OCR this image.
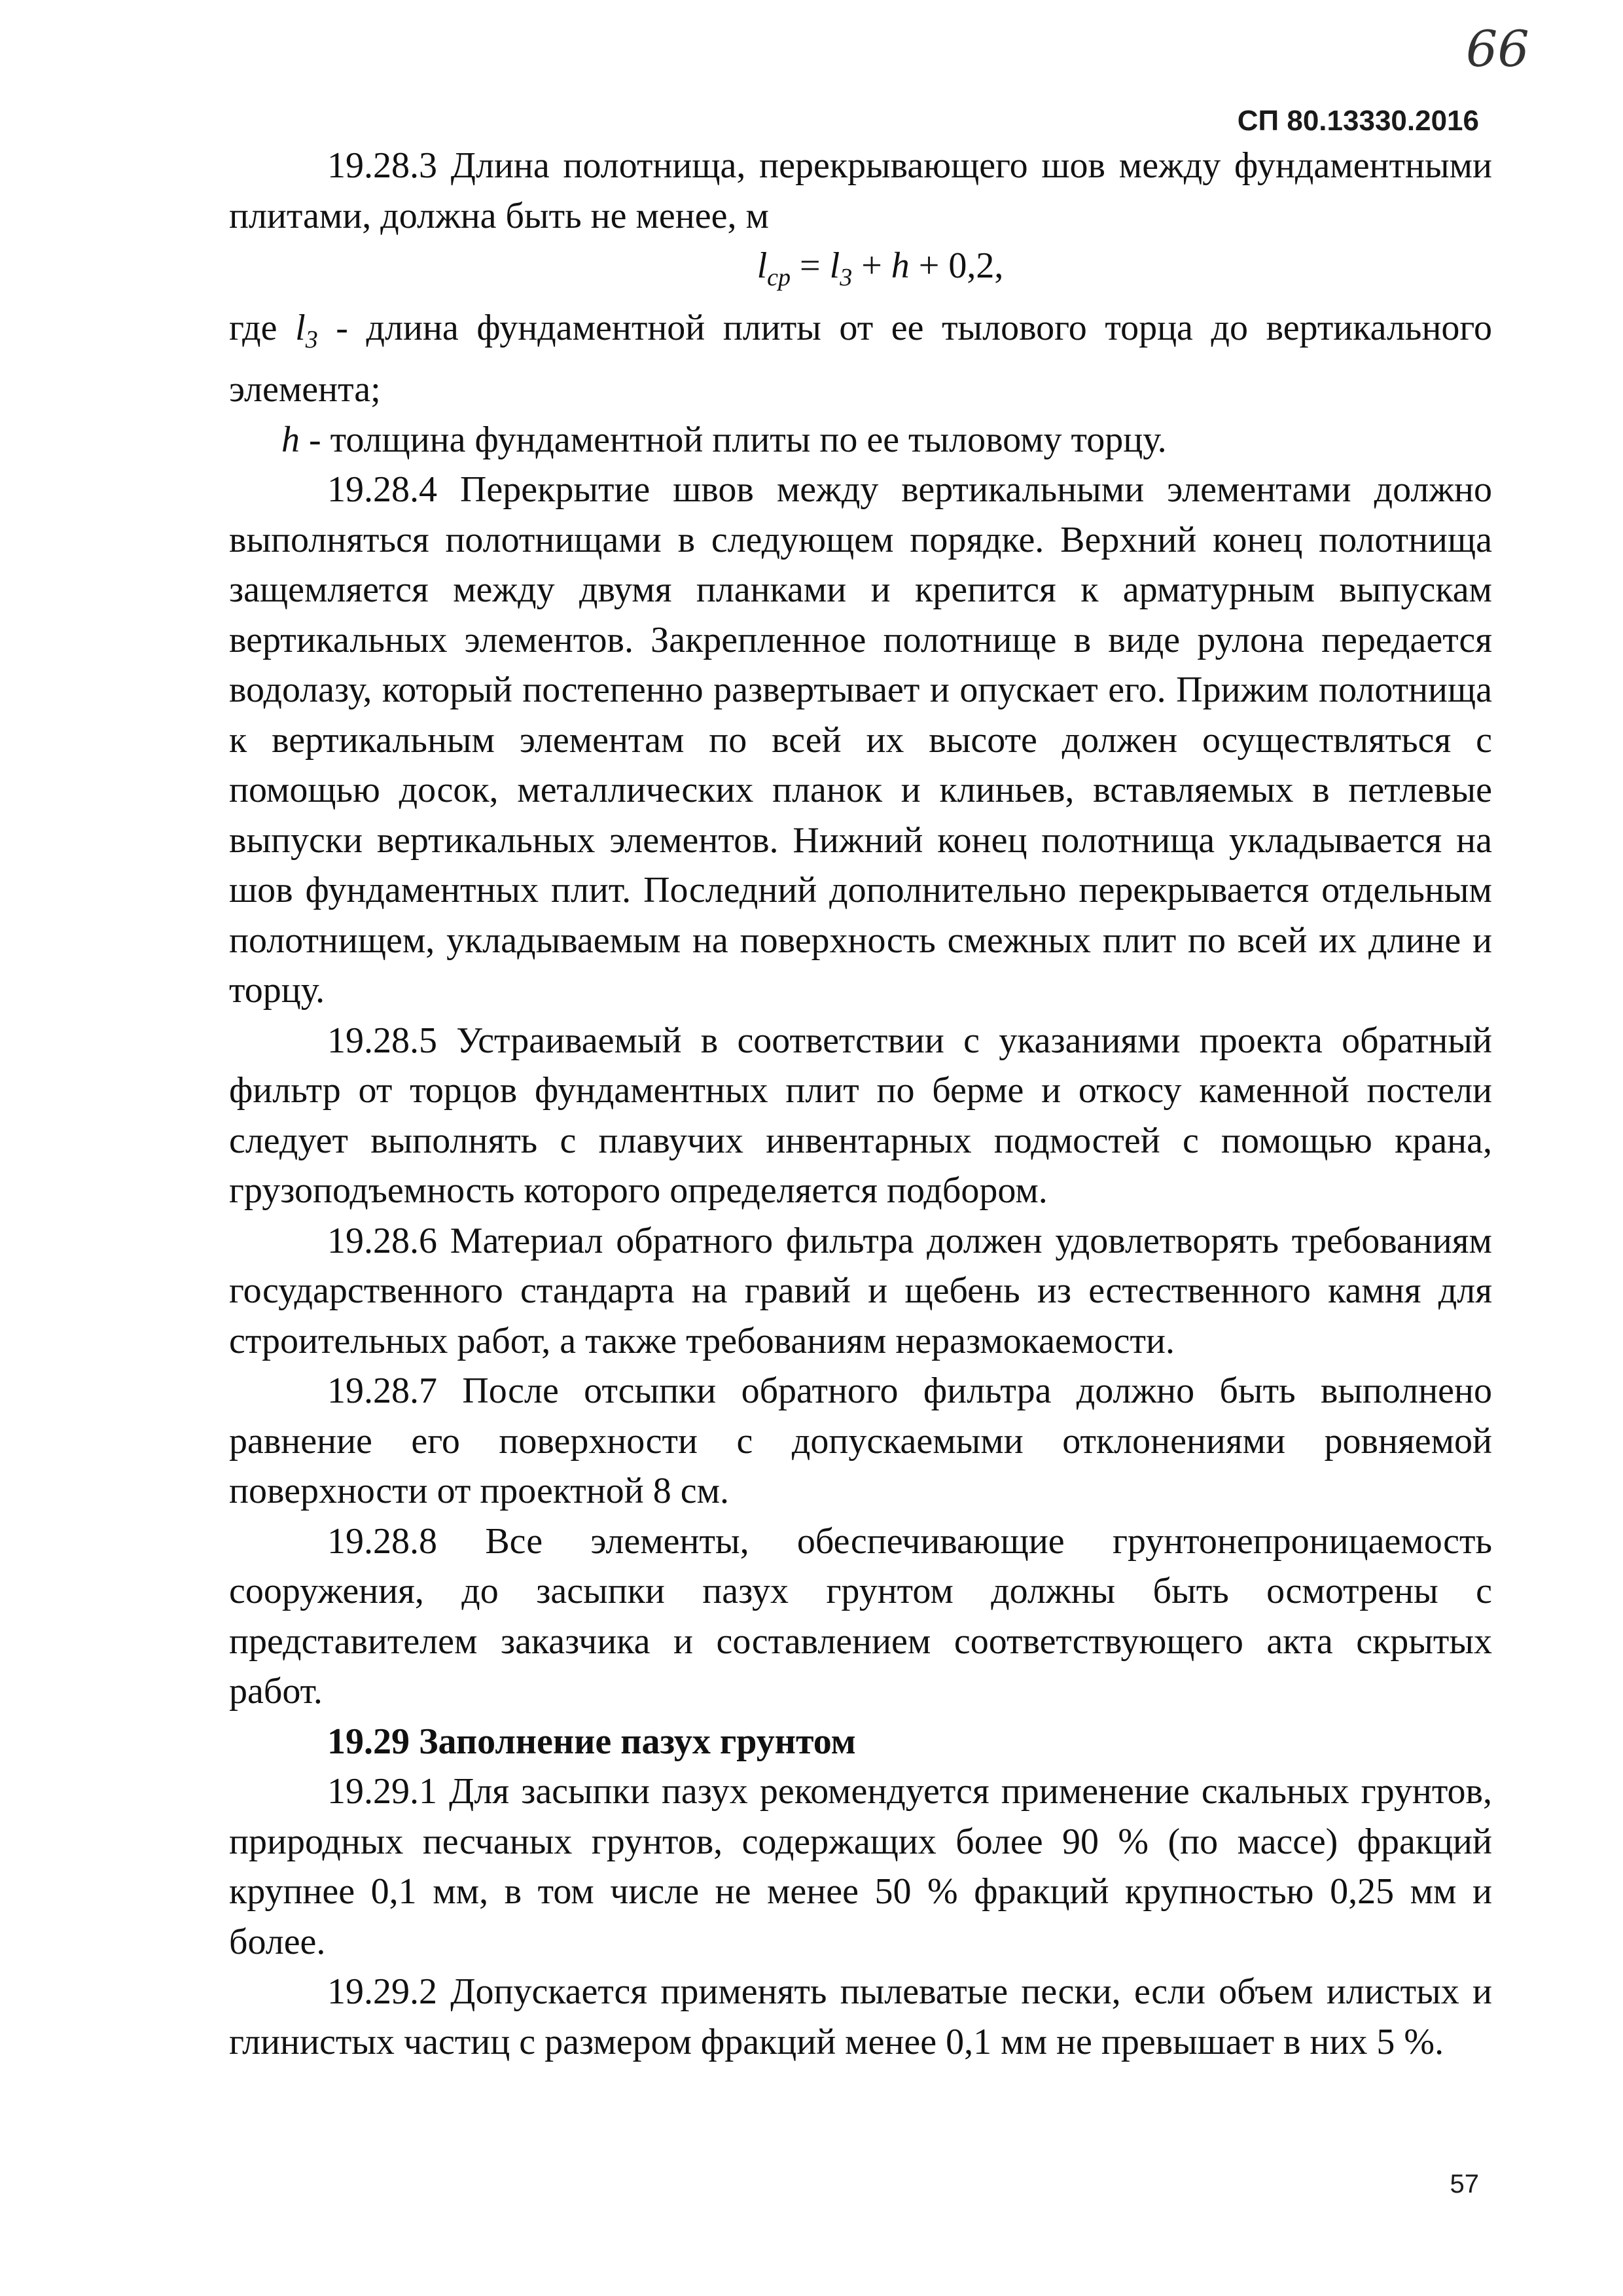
66
СП 80.13330.2016

19.28.3 Длина полотнища, перекрывающего шов между фундаментными плитами, должна быть не менее, м

$l_{ср} = l_3 + h + 0,2$,

где $l_3$ - длина фундаментной плиты от ее тылового торца до вертикального элемента;

h - толщина фундаментной плиты по ее тыловому торцу.

19.28.4 Перекрытие швов между вертикальными элементами должно выполняться полотнищами в следующем порядке. Верхний конец полотнища защемляется между двумя планками и крепится к арматурным выпускам вертикальных элементов. Закрепленное полотнище в виде рулона передается водолазу, который постепенно развертывает и опускает его. Прижим полотнища к вертикальным элементам по всей их высоте должен осуществляться с помощью досок, металлических планок и клиньев, вставляемых в петлевые выпуски вертикальных элементов. Нижний конец полотнища укладывается на шов фундаментных плит. Последний дополнительно перекрывается отдельным полотнищем, укладываемым на поверхность смежных плит по всей их длине и торцу.

19.28.5 Устраиваемый в соответствии с указаниями проекта обратный фильтр от торцов фундаментных плит по берме и откосу каменной постели следует выполнять с плавучих инвентарных подмостей с помощью крана, грузоподъемность которого определяется подбором.

19.28.6 Материал обратного фильтра должен удовлетворять требованиям государственного стандарта на гравий и щебень из естественного камня для строительных работ, а также требованиям неразмокаемости.

19.28.7 После отсыпки обратного фильтра должно быть выполнено равнение его поверхности с допускаемыми отклонениями ровняемой поверхности от проектной 8 см.

19.28.8 Все элементы, обеспечивающие грунтонепроницаемость сооружения, до засыпки пазух грунтом должны быть осмотрены с представителем заказчика и составлением соответствующего акта скрытых работ.

19.29 Заполнение пазух грунтом

19.29.1 Для засыпки пазух рекомендуется применение скальных грунтов, природных песчаных грунтов, содержащих более 90 % (по массе) фракций крупнее 0,1 мм, в том числе не менее 50 % фракций крупностью 0,25 мм и более.

19.29.2 Допускается применять пылеватые пески, если объем илистых и глинистых частиц с размером фракций менее 0,1 мм не превышает в них 5 %.

57
